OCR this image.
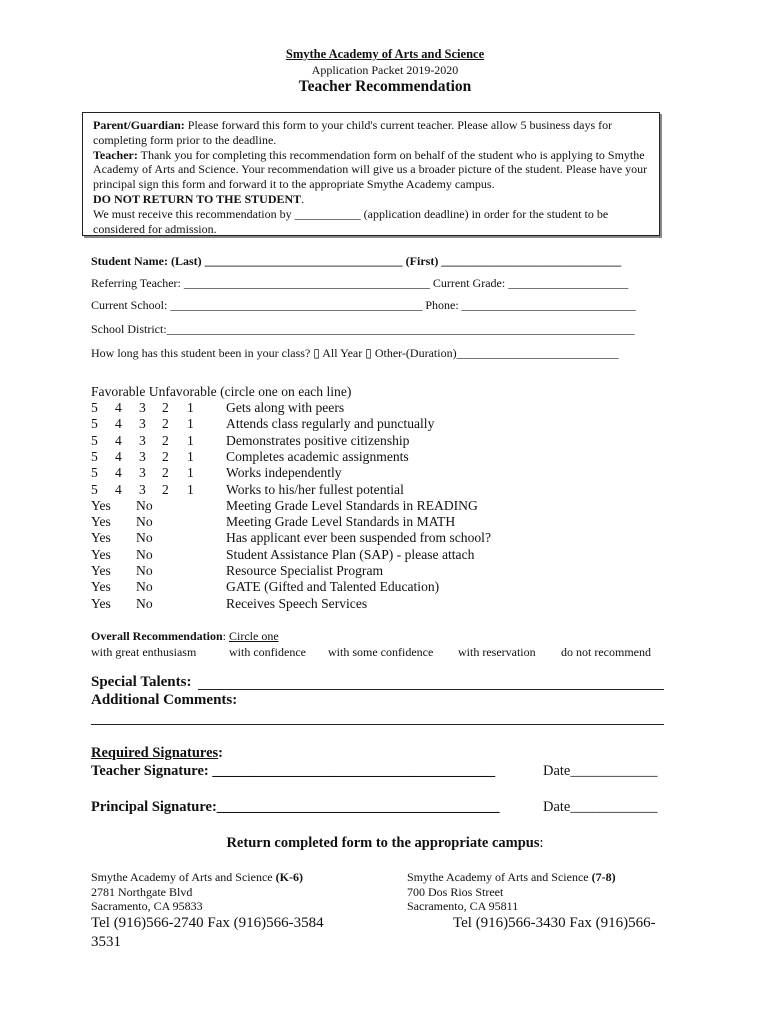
Smythe Academy of Arts and Science
Application Packet 2019-2020
Teacher Recommendation

Parent/Guardian: Please forward this form to your child's current teacher. Please allow 5 business days for completing form prior to the deadline.

Teacher: Thank you for completing this recommendation form on behalf of the student who is applying to Smythe Academy of Arts and Science. Your recommendation will give us a broader picture of the student. Please have your principal sign this form and forward it to the appropriate Smythe Academy campus.

DO NOT RETURN TO THE STUDENT.

We must receive this recommendation by ___________ (application deadline) in order for the student to be considered for admission.

Student Name: (Last) _________________________________ (First) ______________________________
Referring Teacher: _________________________________________ Current Grade: ____________________
Current School: __________________________________________ Phone: _____________________________
School District:______________________________________________________________________________
How long has this student been in your class? ▯ All Year ▯ Other-(Duration)___________________________
Favorable Unfavorable (circle one on each line)
5 4 3 2 1 Gets along with peers
5 4 3 2 1 Attends class regularly and punctually
5 4 3 2 1 Demonstrates positive citizenship
5 4 3 2 1 Completes academic assignments
5 4 3 2 1 Works independently
5 4 3 2 1 Works to his/her fullest potential
Yes No	Meeting Grade Level Standards in READING
Yes No	Meeting Grade Level Standards in MATH
Yes No	Has applicant ever been suspended from school?
Yes No	Student Assistance Plan (SAP) - please attach
Yes No	Resource Specialist Program
Yes No	GATE (Gifted and Talented Education)
Yes No	Receives Speech Services
Overall Recommendation: Circle one
with great enthusiasm	with confidence with some confidence with reservation do not recommend
Special Talents:
Additional Comments:
Required Signatures:
Teacher Signature: _______________________________________	Date____________
Principal Signature:_______________________________________	Date____________
Return completed form to the appropriate campus:
Smythe Academy of Arts and Science (K-6)
2781 Northgate Blvd
Sacramento, CA 95833
Tel (916)566-2740 Fax (916)566-3584 3531
Smythe Academy of Arts and Science (7-8)
700 Dos Rios Street
Sacramento, CA 95811
Tel (916)566-3430 Fax (916)566-
